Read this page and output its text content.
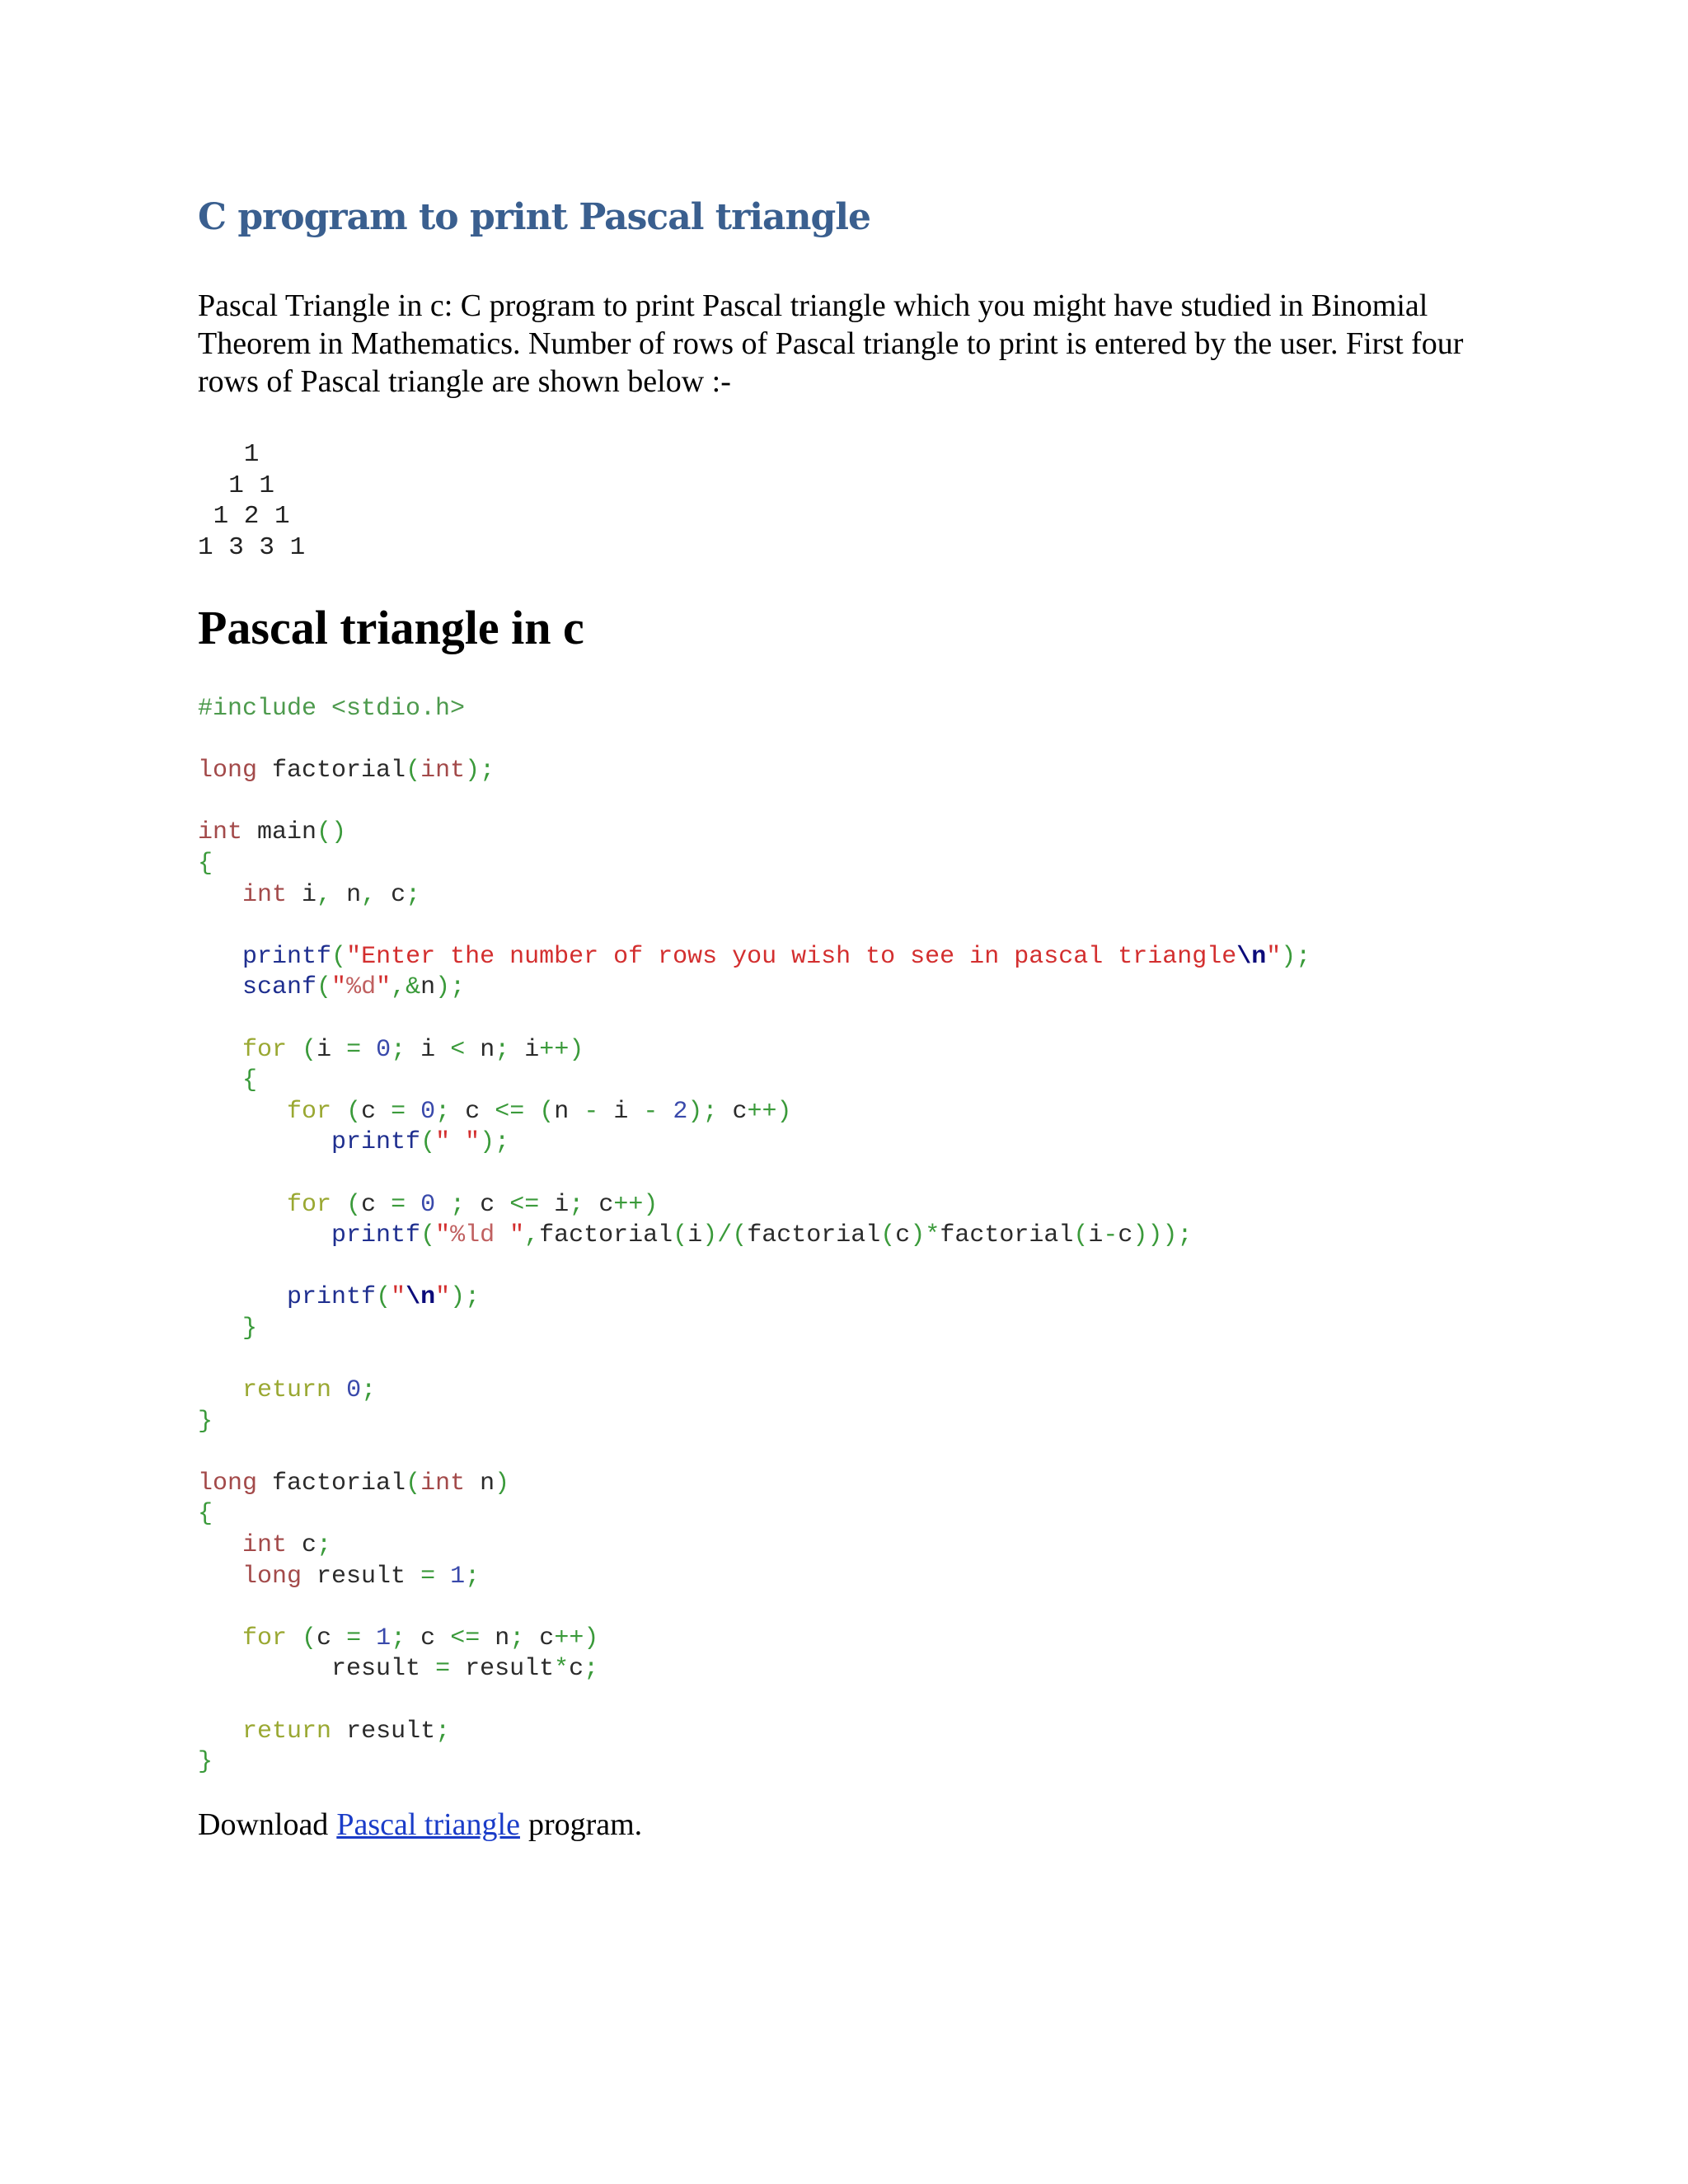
C program to print Pascal triangle

Pascal Triangle in c: C program to print Pascal triangle which you might have studied in Binomial Theorem in Mathematics. Number of rows of Pascal triangle to print is entered by the user. First four rows of Pascal triangle are shown below :-

1
1 1
1 2 1
1 3 3 1
Pascal triangle in c
#include <stdio.h>

long factorial(int);

int main()
{
int i, n, c;

printf("Enter the number of rows you wish to see in pascal triangle\n");
scanf("%d",&n);

for (i = 0; i < n; i++)
{
for (c = 0; c <= (n - i - 2); c++)
printf(" ");

for (c = 0 ; c <= i; c++)
printf("%ld ",factorial(i)/(factorial(c)*factorial(i-c)));

printf("\n");
}

return 0;
}

long factorial(int n)
{
int c;
long result = 1;

for (c = 1; c <= n; c++)
result = result*c;

return result;
}

Download Pascal triangle program.
